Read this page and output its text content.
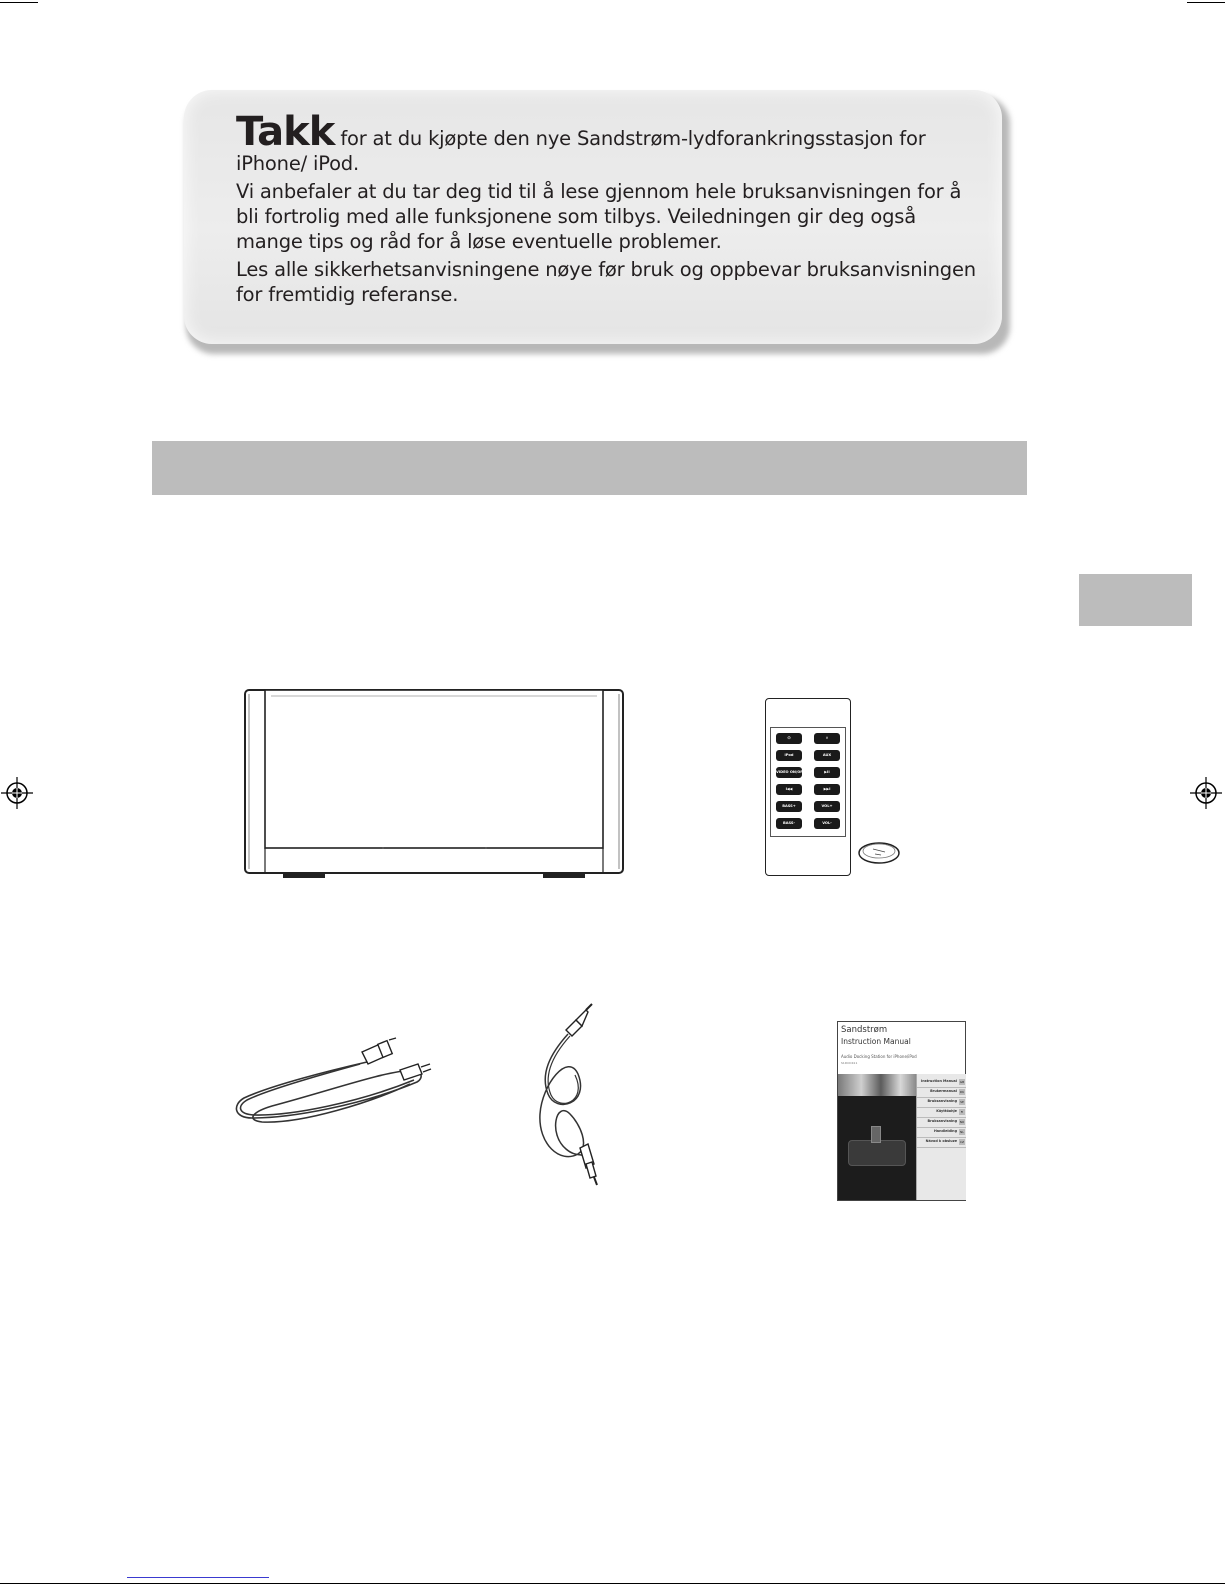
Takk for at du kjøpte den nye Sandstrøm-lydforankringsstasjon for iPhone/ iPod.

Vi anbefaler at du tar deg tid til å lese gjennom hele bruksanvisningen for å bli fortrolig med alle funksjonene som tilbys. Veiledningen gir deg også mange tips og råd for å løse eventuelle problemer.

Les alle sikkerhetsanvisningene nøye før bruk og oppbevar bruksanvisningen for fremtidig referanse.

⏻	✕
iPod	AUX
VIDEO ON/OFF	▶II
I◀◀	▶▶I
BASS+	VOL+
BASS-	VOL-
Sandstrøm
Instruction Manual
Audio Docking Station for iPhone/iPod
S1DOCK11
Instruction Manual GB
Brukermanual DK
Bruksanvisning	SE
Käyttöohje	FI
Bruksanvisning NO
Handleiding	NL
Návod k obsluze CZ
